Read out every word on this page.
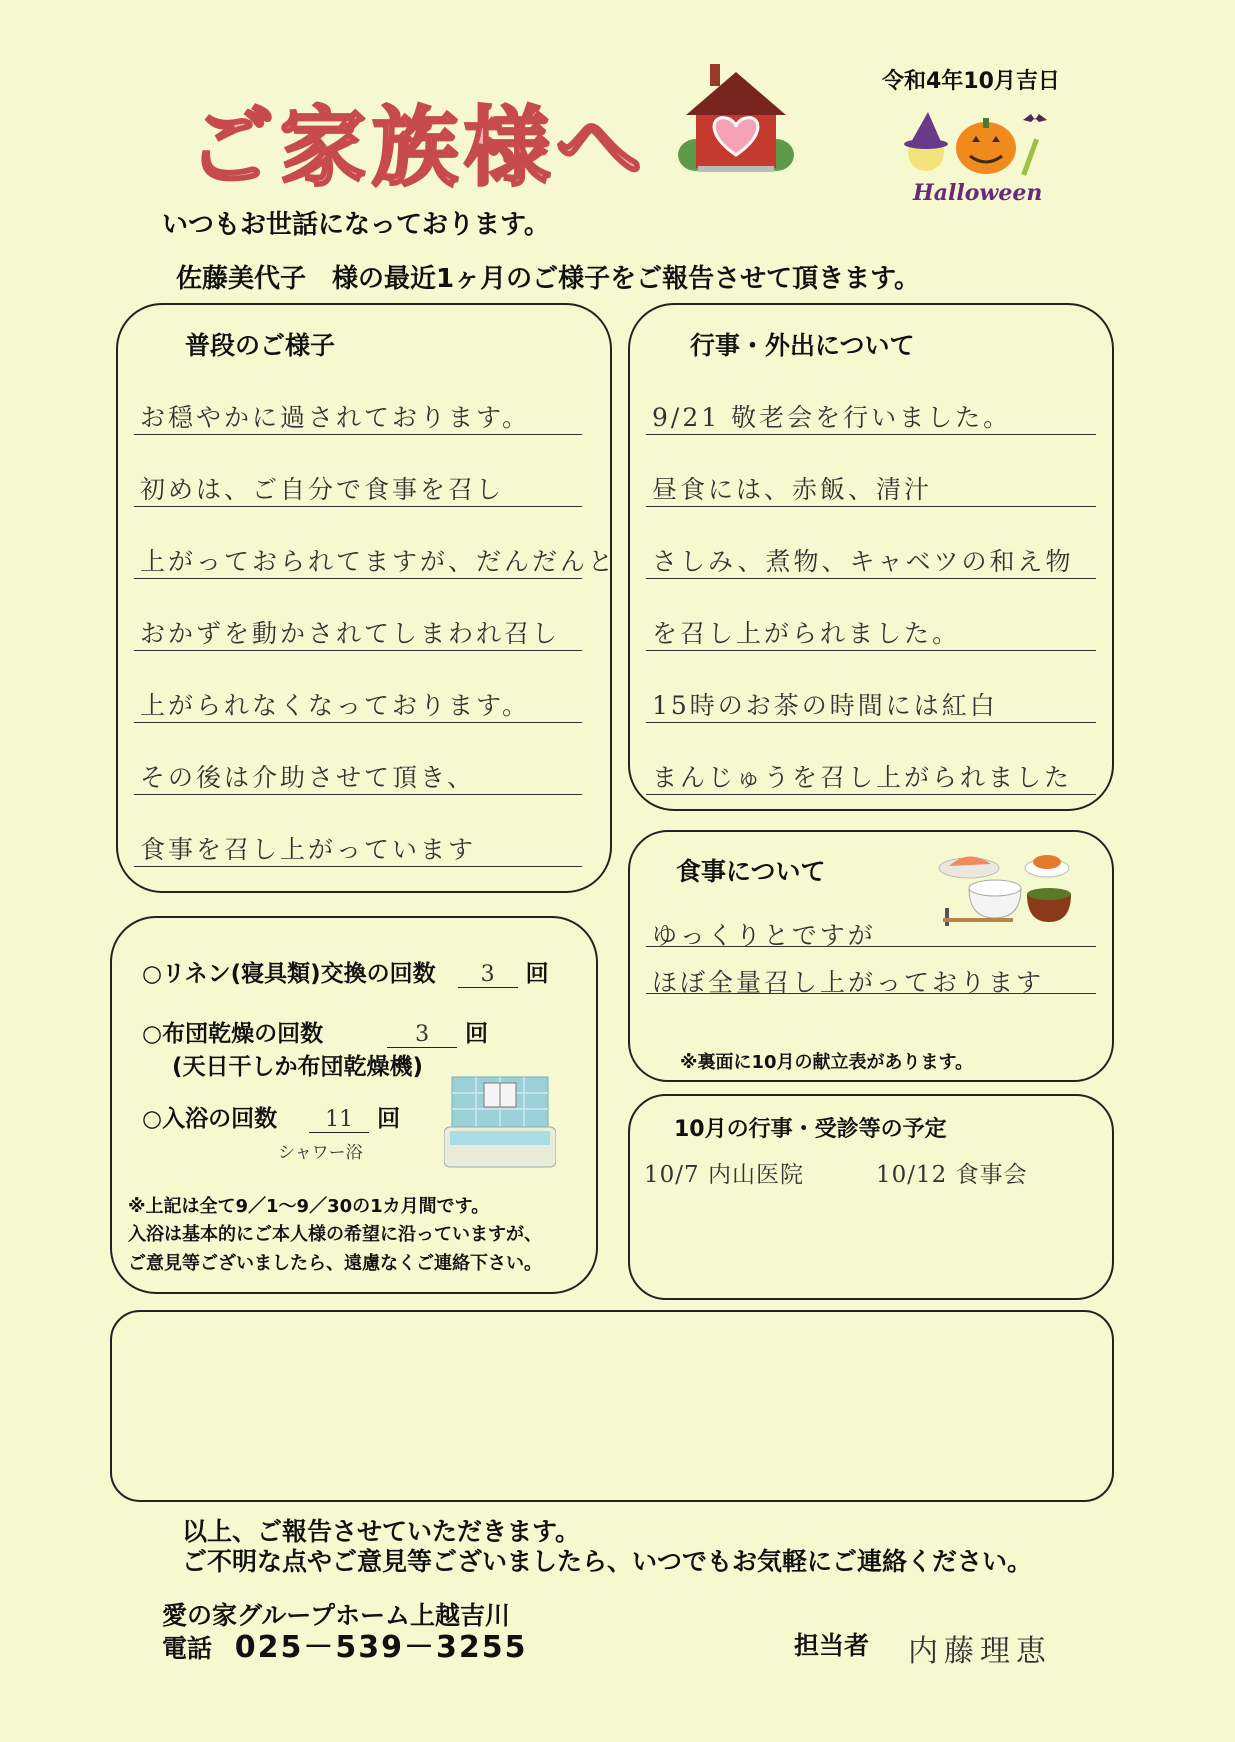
ご家族様へ
令和4年10月吉日
Halloween
いつもお世話になっております。
佐藤美代子　様の最近1ヶ月のご様子をご報告させて頂きます。
普段のご様子
お穏やかに過されております。
初めは、ご自分で食事を召し
上がっておられてますが、だんだんと
おかずを動かされてしまわれ召し
上がられなくなっております。
その後は介助させて頂き、
食事を召し上がっています
行事・外出について
9/21 敬老会を行いました。
昼食には、赤飯、清汁
さしみ、煮物、キャベツの和え物
を召し上がられました。
15時のお茶の時間には紅白
まんじゅうを召し上がられました
○リネン(寝具類)交換の回数 3 回
○布団乾燥の回数	3 回
(天日干しか布団乾燥機)
○入浴の回数 11 回
シャワー浴
※上記は全て9／1～9／30の1カ月間です。
入浴は基本的にご本人様の希望に沿っていますが、
ご意見等ございましたら、遠慮なくご連絡下さい。
食事について
ゆっくりとですが
ほぼ全量召し上がっております
※裏面に10月の献立表があります。
10月の行事・受診等の予定
10/7 内山医院	10/12 食事会
以上、ご報告させていただきます。
ご不明な点やご意見等ございましたら、いつでもお気軽にご連絡ください。
愛の家グループホーム上越吉川
電話 025－539－3255	担当者 内藤理恵
